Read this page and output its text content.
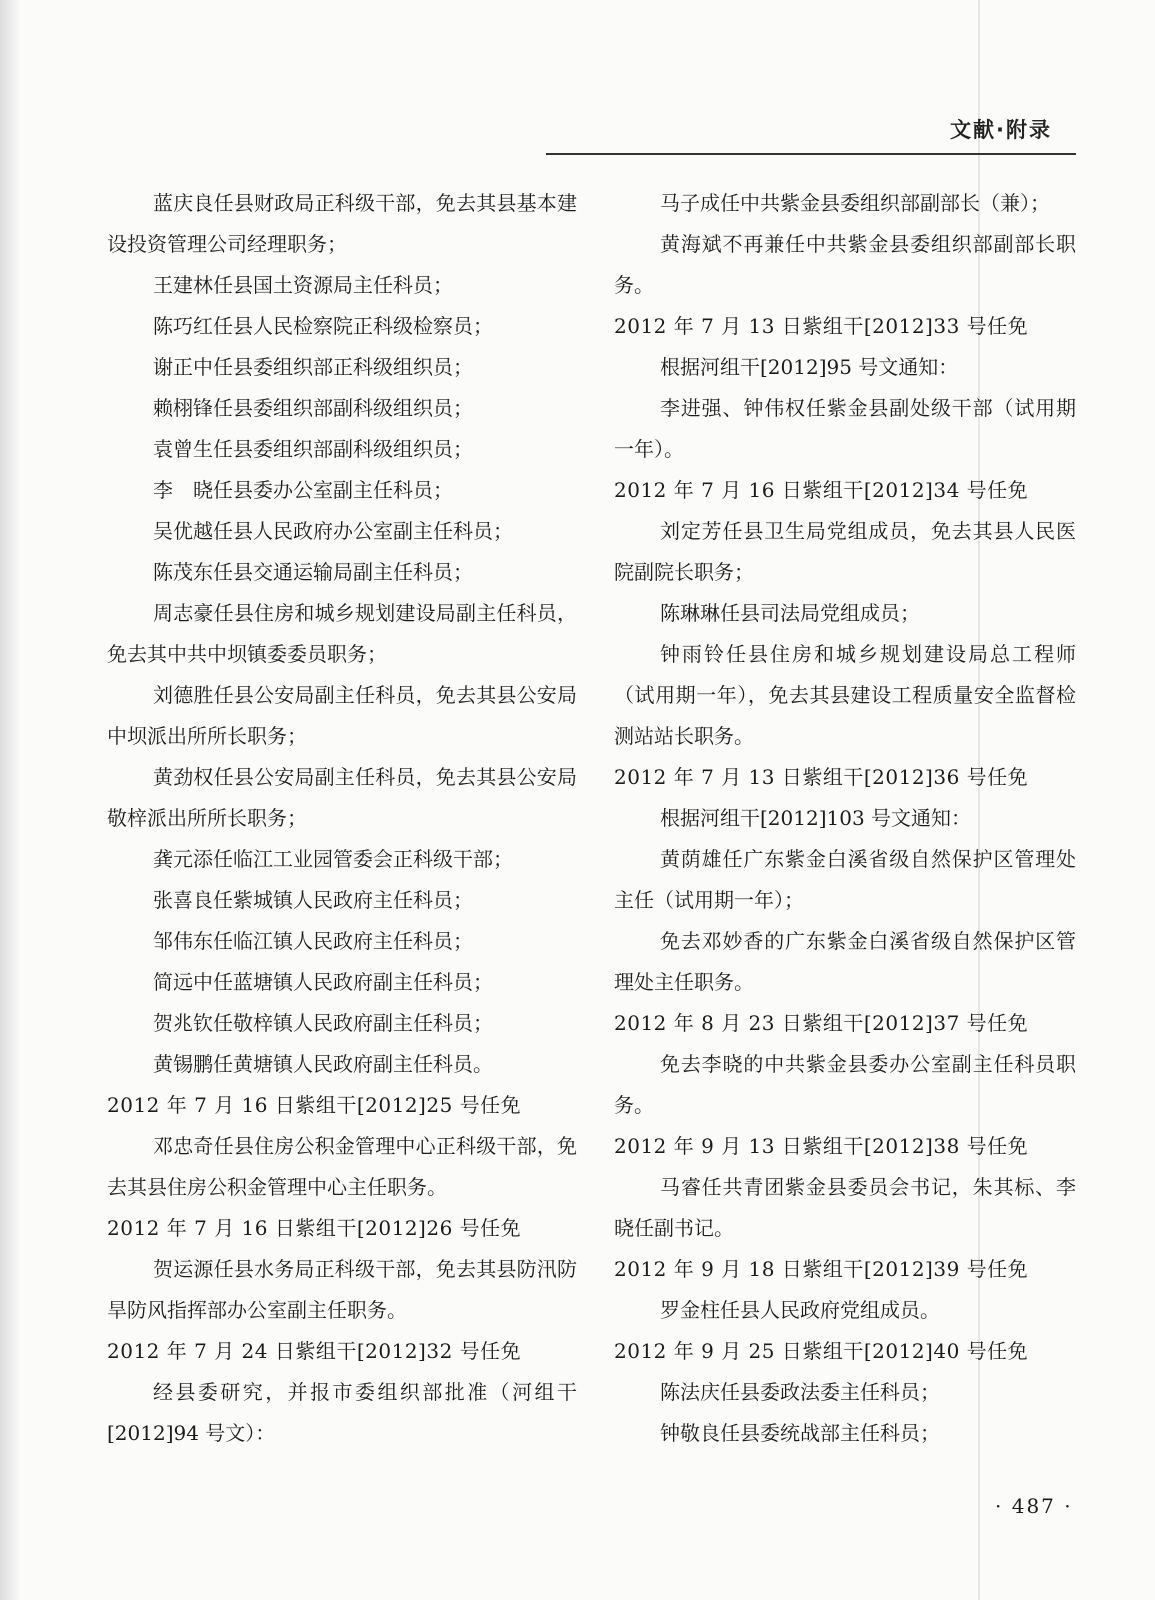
文献·附录

蓝庆良任县财政局正科级干部，免去其县基本建设投资管理公司经理职务；

王建林任县国土资源局主任科员；

陈巧红任县人民检察院正科级检察员；

谢正中任县委组织部正科级组织员；

赖栩锋任县委组织部副科级组织员；

袁曾生任县委组织部副科级组织员；

李　晓任县委办公室副主任科员；

吴优越任县人民政府办公室副主任科员；

陈茂东任县交通运输局副主任科员；

周志豪任县住房和城乡规划建设局副主任科员，免去其中共中坝镇委委员职务；

刘德胜任县公安局副主任科员，免去其县公安局中坝派出所所长职务；

黄劲权任县公安局副主任科员，免去其县公安局敬梓派出所所长职务；

龚元添任临江工业园管委会正科级干部；

张喜良任紫城镇人民政府主任科员；

邹伟东任临江镇人民政府主任科员；

简远中任蓝塘镇人民政府副主任科员；

贺兆钦任敬梓镇人民政府副主任科员；

黄锡鹏任黄塘镇人民政府副主任科员。

2012 年 7 月 16 日紫组干[2012]25 号任免

邓忠奇任县住房公积金管理中心正科级干部，免去其县住房公积金管理中心主任职务。

2012 年 7 月 16 日紫组干[2012]26 号任免

贺运源任县水务局正科级干部，免去其县防汛防旱防风指挥部办公室副主任职务。

2012 年 7 月 24 日紫组干[2012]32 号任免

经县委研究，并报市委组织部批准（河组干[2012]94 号文）：

马子成任中共紫金县委组织部副部长（兼）；

黄海斌不再兼任中共紫金县委组织部副部长职务。

2012 年 7 月 13 日紫组干[2012]33 号任免

根据河组干[2012]95 号文通知：

李进强、钟伟权任紫金县副处级干部（试用期一年）。

2012 年 7 月 16 日紫组干[2012]34 号任免

刘定芳任县卫生局党组成员，免去其县人民医院副院长职务；

陈琳琳任县司法局党组成员；

钟雨铃任县住房和城乡规划建设局总工程师（试用期一年），免去其县建设工程质量安全监督检测站站长职务。

2012 年 7 月 13 日紫组干[2012]36 号任免

根据河组干[2012]103 号文通知：

黄荫雄任广东紫金白溪省级自然保护区管理处主任（试用期一年）；

免去邓妙香的广东紫金白溪省级自然保护区管理处主任职务。

2012 年 8 月 23 日紫组干[2012]37 号任免

免去李晓的中共紫金县委办公室副主任科员职务。

2012 年 9 月 13 日紫组干[2012]38 号任免

马睿任共青团紫金县委员会书记，朱其标、李晓任副书记。

2012 年 9 月 18 日紫组干[2012]39 号任免

罗金柱任县人民政府党组成员。

2012 年 9 月 25 日紫组干[2012]40 号任免

陈法庆任县委政法委主任科员；

钟敬良任县委统战部主任科员；

· 487 ·
